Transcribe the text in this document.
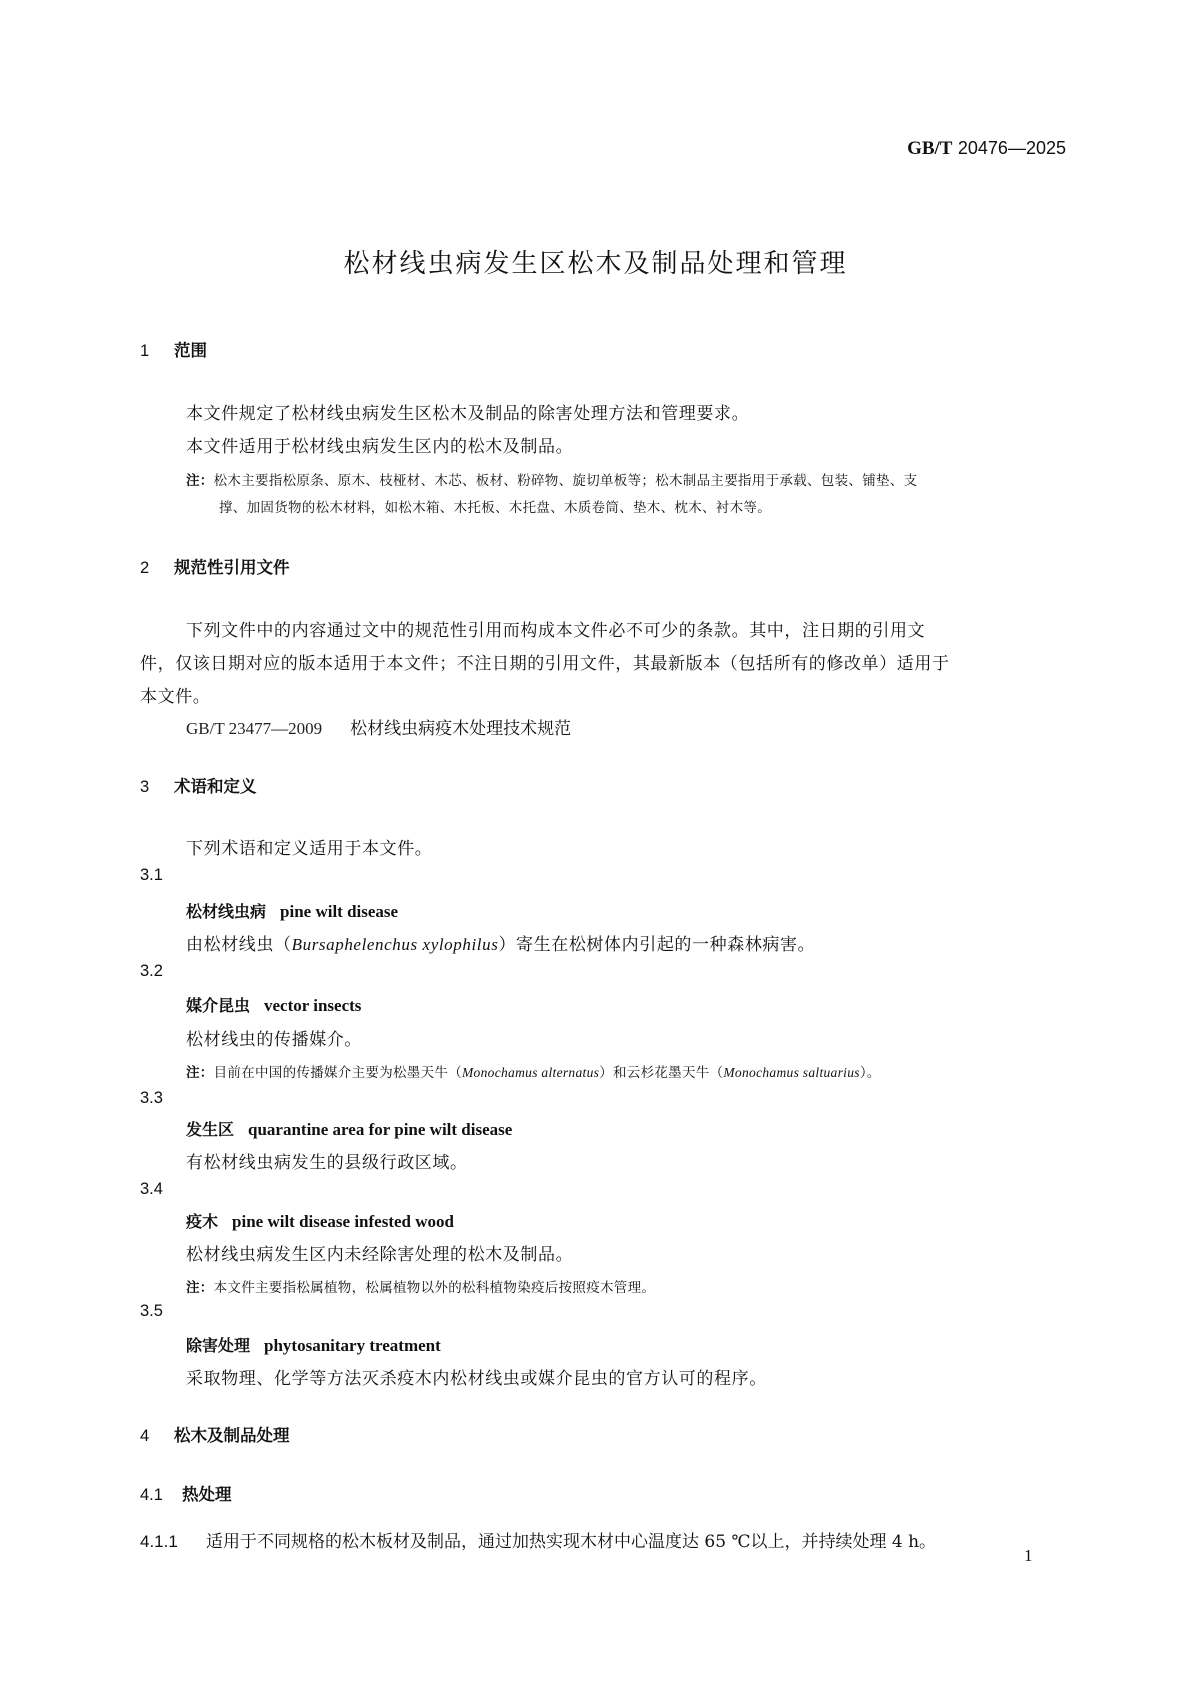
GB/T 20476—2025
松材线虫病发生区松木及制品处理和管理
1 范围
本文件规定了松材线虫病发生区松木及制品的除害处理方法和管理要求。
本文件适用于松材线虫病发生区内的松木及制品。
注：松木主要指松原条、原木、枝桠材、木芯、板材、粉碎物、旋切单板等；松木制品主要指用于承载、包装、铺垫、支
撑、加固货物的松木材料，如松木箱、木托板、木托盘、木质卷筒、垫木、枕木、衬木等。
2 规范性引用文件
下列文件中的内容通过文中的规范性引用而构成本文件必不可少的条款。其中，注日期的引用文
件，仅该日期对应的版本适用于本文件；不注日期的引用文件，其最新版本（包括所有的修改单）适用于
本文件。
GB/T 23477—2009 松材线虫病疫木处理技术规范
3 术语和定义
下列术语和定义适用于本文件。
3.1
松材线虫病 pine wilt disease
由松材线虫（Bursaphelenchus xylophilus）寄生在松树体内引起的一种森林病害。
3.2
媒介昆虫 vector insects
松材线虫的传播媒介。
注：目前在中国的传播媒介主要为松墨天牛（Monochamus alternatus）和云杉花墨天牛（Monochamus saltuarius）。
3.3
发生区 quarantine area for pine wilt disease
有松材线虫病发生的县级行政区域。
3.4
疫木 pine wilt disease infested wood
松材线虫病发生区内未经除害处理的松木及制品。
注：本文件主要指松属植物，松属植物以外的松科植物染疫后按照疫木管理。
3.5
除害处理 phytosanitary treatment
采取物理、化学等方法灭杀疫木内松材线虫或媒介昆虫的官方认可的程序。
4 松木及制品处理
4.1 热处理
4.1.1 适用于不同规格的松木板材及制品，通过加热实现木材中心温度达 65 ℃以上，并持续处理 4 h。
1
